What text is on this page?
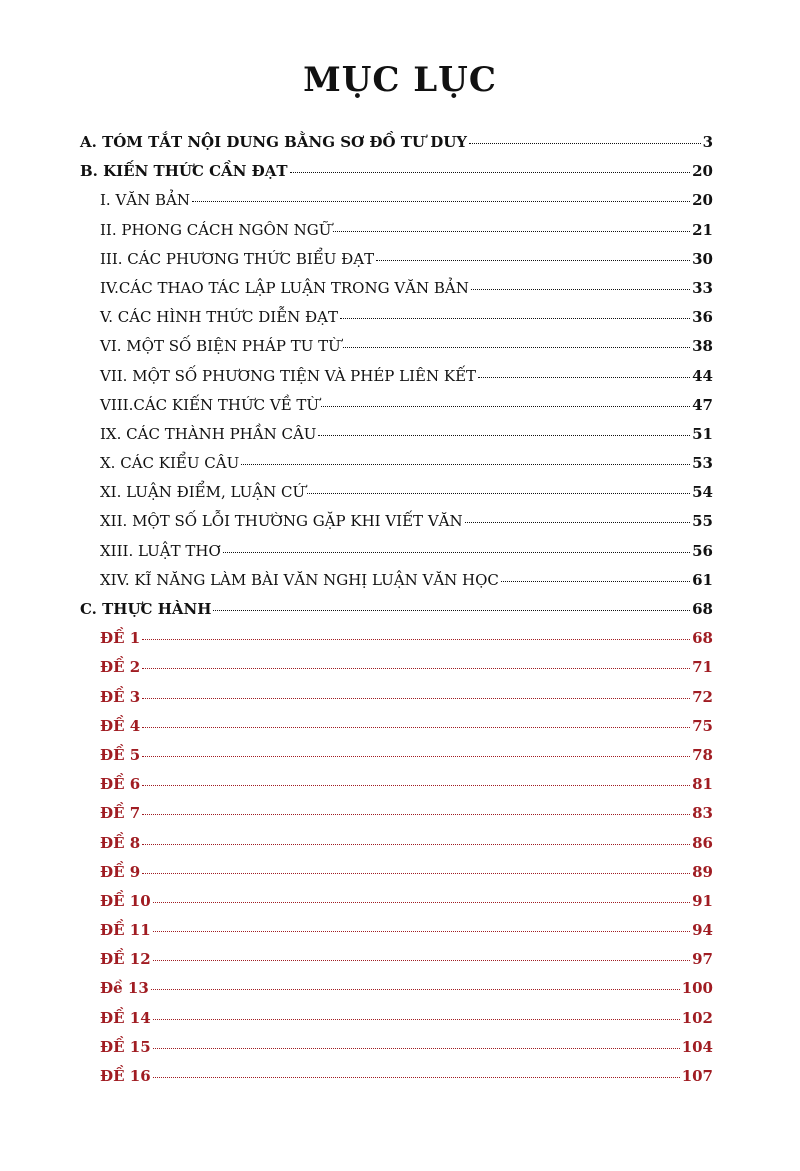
MỤC LỤC
A. TÓM TẮT NỘI DUNG BẰNG SƠ ĐỒ TƯ DUY	3
B. KIẾN THỨC CẦN ĐẠT	20
I. VĂN BẢN	20
II. PHONG CÁCH NGÔN NGỮ	21
III. CÁC PHƯƠNG THỨC BIỂU ĐẠT	30
IV.CÁC THAO TÁC LẬP LUẬN TRONG VĂN BẢN	33
V. CÁC HÌNH THỨC DIỄN ĐẠT	36
VI. MỘT SỐ BIỆN PHÁP TU TỪ	38
VII. MỘT SỐ PHƯƠNG TIỆN VÀ PHÉP LIÊN KẾT	44
VIII.CÁC KIẾN THỨC VỀ TỪ	47
IX. CÁC THÀNH PHẦN CÂU	51
X. CÁC KIỂU CÂU	53
XI. LUẬN ĐIỂM, LUẬN CỨ	54
XII. MỘT SỐ LỖI THƯỜNG GẶP KHI VIẾT VĂN	55
XIII. LUẬT THƠ	56
XIV. KĨ NĂNG LÀM BÀI VĂN NGHỊ LUẬN VĂN HỌC	61
C. THỰC HÀNH	68
ĐỀ 1	68
ĐỀ 2	71
ĐỀ 3	72
ĐỀ 4	75
ĐỀ 5	78
ĐỀ 6	81
ĐỀ 7	83
ĐỀ 8	86
ĐỀ 9	89
ĐỀ 10	91
ĐỀ 11	94
ĐỀ 12	97
Đề 13	100
ĐỀ 14	102
ĐỀ 15	104
ĐỀ 16	107
